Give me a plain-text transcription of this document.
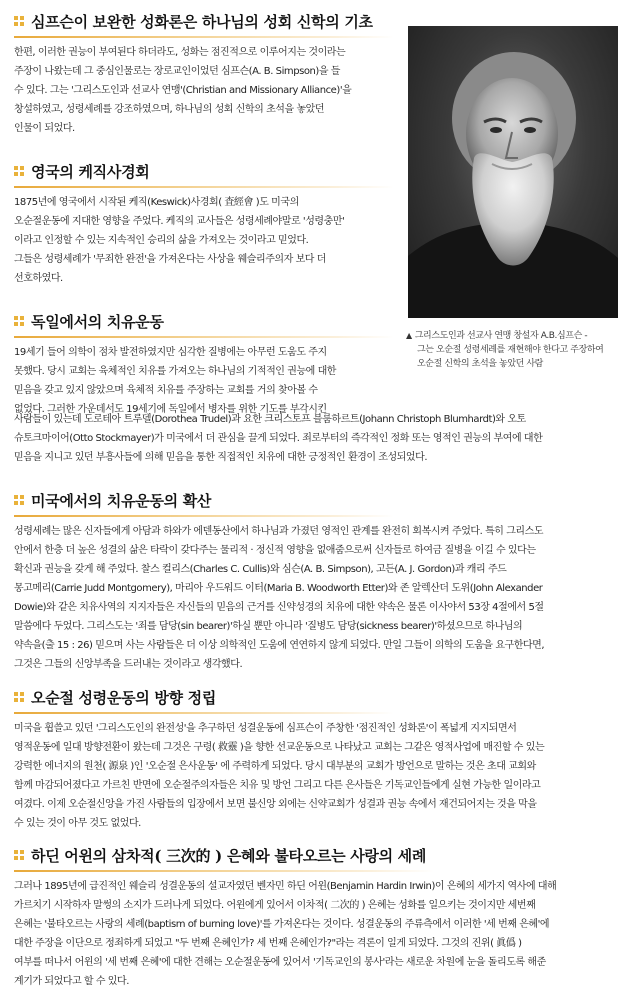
심프슨이 보완한 성화론은 하나님의 성회 신학의 기초

한편, 이러한 권능이 부여된다 하더라도, 성화는 점진적으로 이루어지는 것이라는

주장이 나왔는데 그 중심인물로는 장로교인이었던 심프슨(A. B. Simpson)을 들

수 있다. 그는 '그리스도인과 선교사 연맹'(Christian and Missionary Alliance)'을

창설하였고, 성령세례를 강조하였으며, 하나님의 성회 신학의 초석을 놓았던

인물이 되었다.

영국의 케직사경회

1875년에 영국에서 시작된 케직(Keswick)사경회( 査經會 )도 미국의

오순절운동에 지대한 영향을 주었다. 케직의 교사들은 성령세례야말로 '성령충만'

이라고 인정할 수 있는 지속적인 승리의 삶을 가져오는 것이라고 믿었다.

그들은 성령세례가 '무죄한 완전'을 가져온다는 사상을 웨슬리주의자 보다 더

선호하였다.

독일에서의 치유운동

19세기 들어 의학이 점차 발전하였지만 심각한 질병에는 아무런 도움도 주지

못했다. 당시 교회는 육체적인 치유를 가져오는 하나님의 기적적인 권능에 대한

믿음을 갖고 있지 않았으며 육체적 치유를 주장하는 교회를 거의 찾아볼 수

없었다. 그러한 가운데서도 19세기에 독일에서 병자를 위한 기도를 부각시킨

사람들이 있는데 도로테아 트루델(Dorothea Trudel)과 요한 크리스토프 블룸하르트(Johann Christoph Blumhardt)와 오토

슈토크마이어(Otto Stockmayer)가 미국에서 더 관심을 끌게 되었다. 죄로부터의 즉각적인 정화 또는 영적인 권능의 부여에 대한

믿음을 지니고 있던 부흥사들에 의해 믿음을 통한 직접적인 치유에 대한 긍정적인 환경이 조성되었다.

미국에서의 치유운동의 확산

성령세례는 많은 신자들에게 아담과 하와가 에덴동산에서 하나님과 가졌던 영적인 관계를 완전히 회복시켜 주었다. 특히 그리스도

안에서 한층 더 높은 성결의 삶은 타락이 갖다주는 물리적 · 정신적 영향을 없애줌으로써 신자들로 하여금 질병을 이길 수 있다는

확신과 권능을 갖게 해 주었다. 찰스 컬리스(Charles C. Cullis)와 심슨(A. B. Simpson), 고든(A. J. Gordon)과 캐리 주드

몽고메리(Carrie Judd Montgomery), 마리아 우드워드 이터(Maria B. Woodworth Etter)와 존 알렉산더 도위(John Alexander

Dowie)와 같은 치유사역의 지지자들은 자신들의 믿음의 근거를 신약성경의 치유에 대한 약속은 물론 이사야서 53장 4절에서 5절

말씀에다 두었다. 그리스도는 '죄를 담당(sin bearer)'하실 뿐만 아니라 '질병도 담당(sickness bearer)'하셨으므로 하나님의

약속을(출 15 : 26) 믿으며 사는 사람들은 더 이상 의학적인 도움에 연연하지 않게 되었다. 만일 그들이 의학의 도움을 요구한다면,

그것은 그들의 신앙부족을 드러내는 것이라고 생각했다.

오순절 성령운동의 방향 정립

미국을 휩쓸고 있던 '그리스도인의 완전성'을 추구하던 성결운동에 심프슨이 주창한 '점진적인 성화론'이 폭넓게 지지되면서

영적운동에 일대 방향전환이 왔는데 그것은 구령( 救靈 )을 향한 선교운동으로 나타났고 교회는 그같은 영적사업에 매진할 수 있는

강력한 에너지의 원천( 源泉 )인 '오순절 은사운동' 에 주력하게 되었다. 당시 대부분의 교회가 방언으로 말하는 것은 초대 교회와

함께 마감되어졌다고 가르친 반면에 오순절주의자들은 치유 및 방언 그리고 다른 은사들은 기독교인들에게 실현 가능한 일이라고

여겼다. 이제 오순절신앙을 가진 사람들의 입장에서 보면 불신앙 외에는 신약교회가 성결과 권능 속에서 재건되어지는 것을 막을

수 있는 것이 아무 것도 없었다.

하딘 어윈의 삼차적( 三次的 ) 은혜와 불타오르는 사랑의 세례

그러나 1895년에 급진적인 웨슬리 성결운동의 설교자였던 벤자민 하딘 어윈(Benjamin Hardin Irwin)이 은혜의 세가지 역사에 대해

가르치기 시작하자 말썽의 소지가 드러나게 되었다. 어윈에게 있어서 이차적( 二次的 ) 은혜는 성화를 일으키는 것이지만 세번째

은혜는 '불타오르는 사랑의 세례(baptism of burning love)'를 가져온다는 것이다. 성결운동의 주류측에서 이러한 '세 번째 은혜'에

대한 주장을 이단으로 정죄하게 되었고 "두 번째 은혜인가? 세 번째 은혜인가?"라는 격론이 일게 되었다. 그것의 진위( 眞僞 )

여부를 떠나서 어윈의 '세 번째 은혜'에 대한 견해는 오순절운동에 있어서 '기독교인의 봉사'라는 새로운 차원에 눈을 돌리도록 해준

계기가 되었다고 할 수 있다.

▲ 그리스도인과 선교사 연맹 창설자 A.B.심프슨 -
그는 오순절 성령세례를 재현해야 한다고 주장하여
오순절 신학의 초석을 놓았던 사람
